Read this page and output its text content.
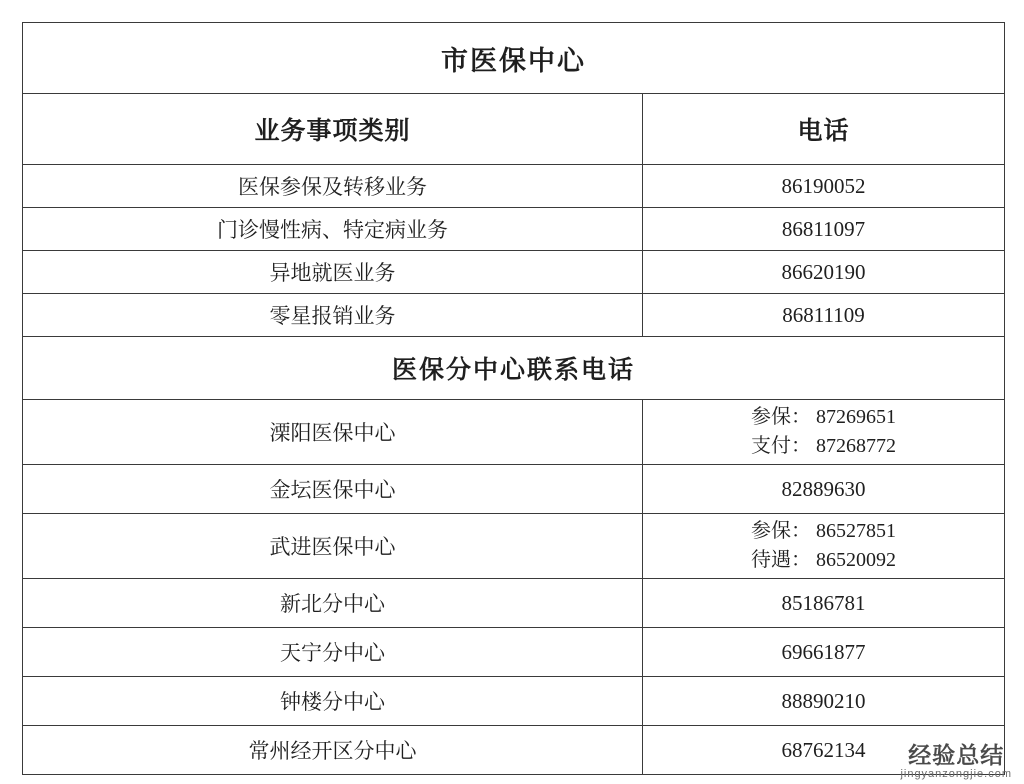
市医保中心	
业务事项类别	电话
医保参保及转移业务	86190052
门诊慢性病、特定病业务	86811097
异地就医业务	86620190
零星报销业务	86811109
医保分中心联系电话	
溧阳医保中心	参保： 87269651
支付： 87268772

金坛医保中心	82889630
武进医保中心	参保： 86527851
待遇： 86520092

新北分中心	85186781
天宁分中心	69661877
钟楼分中心	88890210
常州经开区分中心	68762134	经验总结
jingyanzongjie.com
